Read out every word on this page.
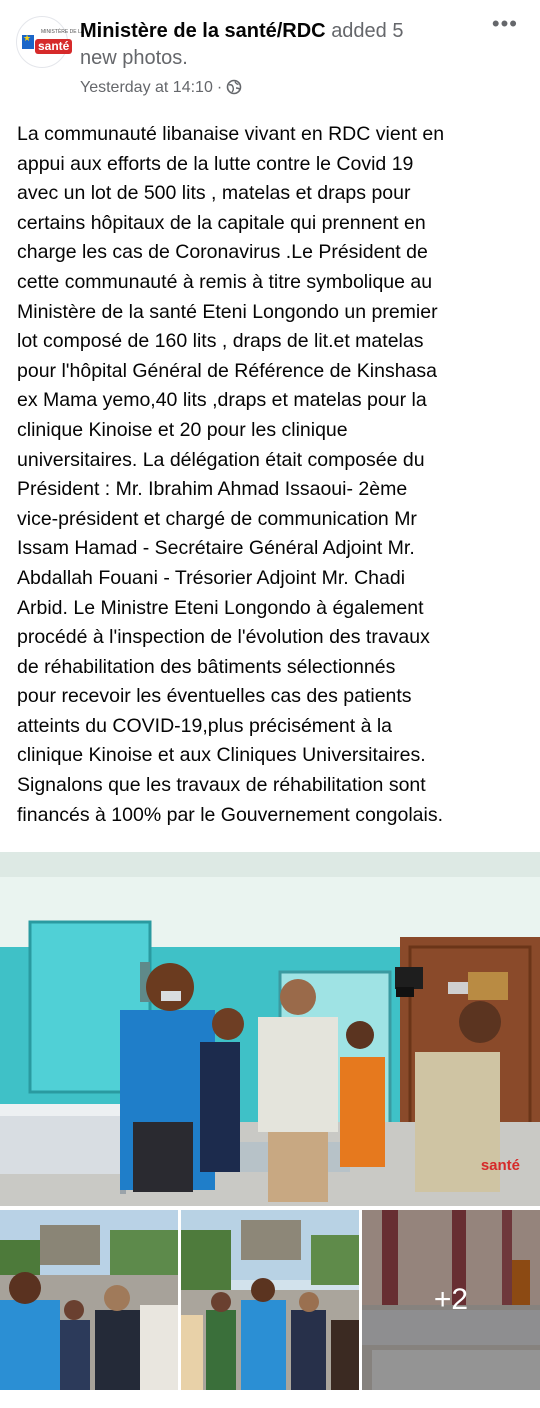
★
MINISTÈRE DE LA
santé
Ministère de la santé/RDC added 5
new photos.
Yesterday at 14:10 ·
•••
La communauté libanaise vivant en RDC vient en
appui aux efforts de la lutte contre le Covid 19
avec un lot de 500 lits , matelas et draps pour
certains hôpitaux de la capitale qui prennent en
charge les cas de Coronavirus .Le Président de
cette communauté à remis à titre symbolique au
Ministère de la santé Eteni Longondo un premier
lot composé de 160 lits , draps de lit.et matelas
pour l'hôpital Général de Référence de Kinshasa
ex Mama yemo,40 lits ,draps et matelas pour la
clinique Kinoise et 20 pour les clinique
universitaires. La délégation était composée du
Président : Mr. Ibrahim Ahmad Issaoui- 2ème
vice-président et chargé de communication Mr
Issam Hamad - Secrétaire Général Adjoint Mr.
Abdallah Fouani - Trésorier Adjoint Mr. Chadi
Arbid. Le Ministre Eteni Longondo à également
procédé à l'inspection de l'évolution des travaux
de réhabilitation des bâtiments sélectionnés
pour recevoir les éventuelles cas des patients
atteints du COVID-19,plus précisément à la
clinique Kinoise et aux Cliniques Universitaires.
Signalons que les travaux de réhabilitation sont
financés à 100% par le Gouvernement congolais.
santé
+2
